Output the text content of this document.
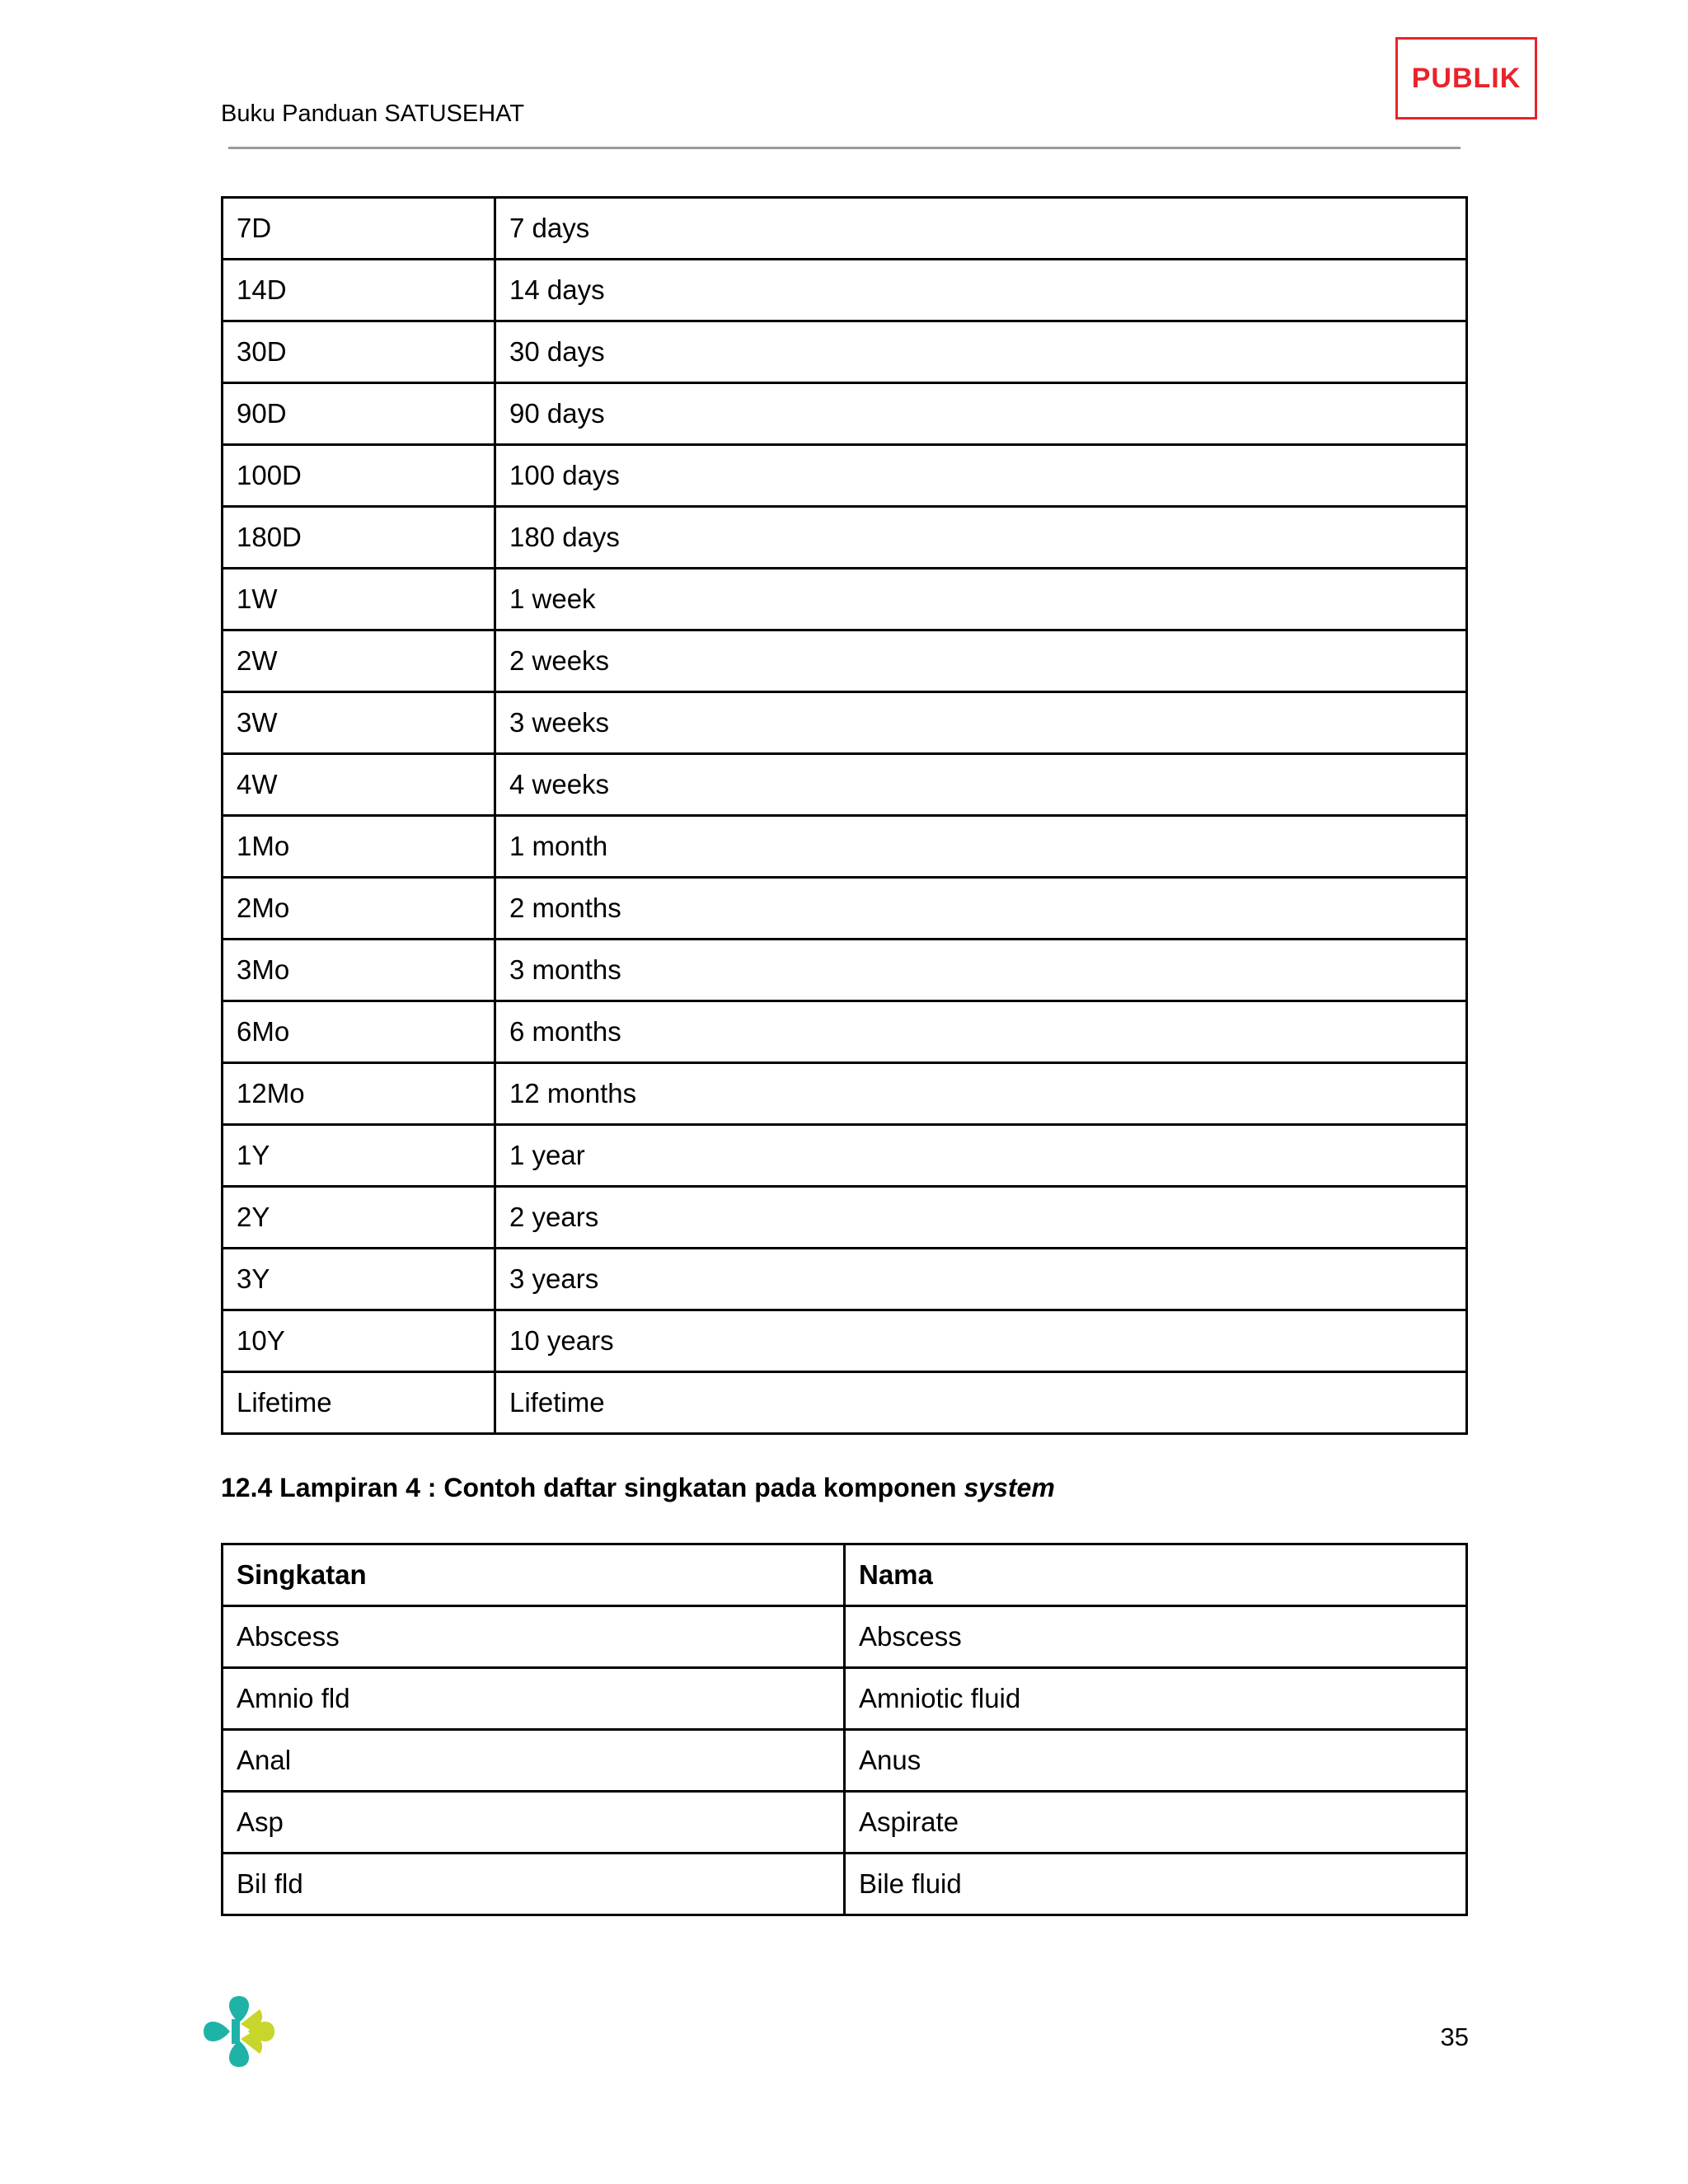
Buku Panduan SATUSEHAT
PUBLIK
7D	7 days
14D	14 days
30D	30 days
90D	90 days
100D	100 days
180D	180 days
1W	1 week
2W	2 weeks
3W	3 weeks
4W	4 weeks
1Mo	1 month
2Mo	2 months
3Mo	3 months
6Mo	6 months
12Mo	12 months
1Y	1 year
2Y	2 years
3Y	3 years
10Y	10 years
Lifetime	Lifetime
12.4 Lampiran 4 : Contoh daftar singkatan pada komponen system
Singkatan	Nama
Abscess	Abscess
Amnio fld	Amniotic fluid
Anal	Anus
Asp	Aspirate
Bil fld	Bile fluid
35
